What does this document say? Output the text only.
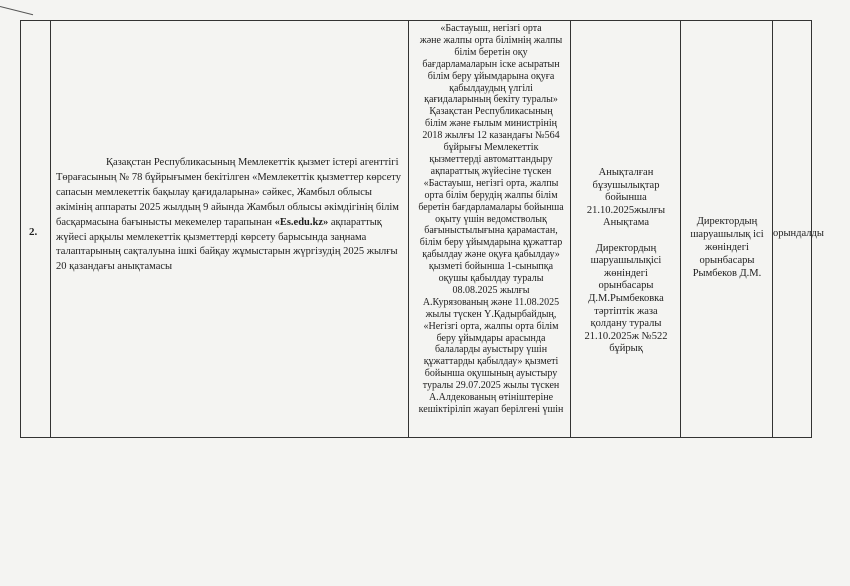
2.
Қазақстан Республикасының Мемлекеттік қызмет істері агенттігі Төрағасының № 78 бұйрығымен бекітілген «Мемлекеттік қызметтер көрсету сапасын мемлекеттік бақылау қағидаларына» сәйкес, Жамбыл облысы әкімінің аппараты 2025 жылдың 9 айында Жамбыл облысы әкімдігінің білім басқармасына бағынысты мекемелер тарапынан «Es.edu.kz» ақпараттық жүйесі арқылы мемлекеттік қызметтерді көрсету барысында заңнама талаптарының сақталуына ішкі байқау жұмыстарын жүргізудің 2025 жылғы 20 қазандағы анықтамасы
«Бастауыш, негізгі орта
және жалпы орта білімнің жалпы
білім беретін оқу
бағдарламаларын іске асыратын
білім беру ұйымдарына оқуға
қабылдаудың үлгілі
қағидаларының бекіту туралы»
Қазақстан Республикасының
білім және ғылым министрінің
2018 жылғы 12 казандағы №564
бұйрығы Мемлекеттік
қызметтерді автоматтандыру
ақпараттық жүйесіне түскен
«Бастауыш, негізгі орта, жалпы
орта білім берудің жалпы білім
беретін бағдарламалары бойынша
оқыту үшін ведомстволық
бағыныстылығына қарамастан,
білім беру ұйымдарына құжаттар
қабылдау және оқуға қабылдау»
қызметі бойынша 1-сыныпқа
оқушы қабылдау туралы
08.08.2025 жылғы
А.Курязованың және 11.08.2025
жылы түскен Ү.Қадырбайдың,
«Негізгі орта, жалпы орта білім
беру ұйымдары арасында
балаларды ауыстыру үшін
құжаттарды қабылдау» қызметі
бойынша оқушының ауыстыру
туралы 29.07.2025 жылы түскен
А.Алдекованың өтініштеріне
кешіктіріліп жауап берілгені үшін
Анықталған
бұзушылықтар
бойынша
21.10.2025жылғы
Анықтама

Директордың
шаруашылықісі
жөніндегі
орынбасары
Д.М.Рымбековка
тәртіптік жаза
қолдану туралы
21.10.2025ж №522
бұйрық
Директордың
шаруашылық ісі
жөніндегі
орынбасары
Рымбеков Д.М.
орындалды
